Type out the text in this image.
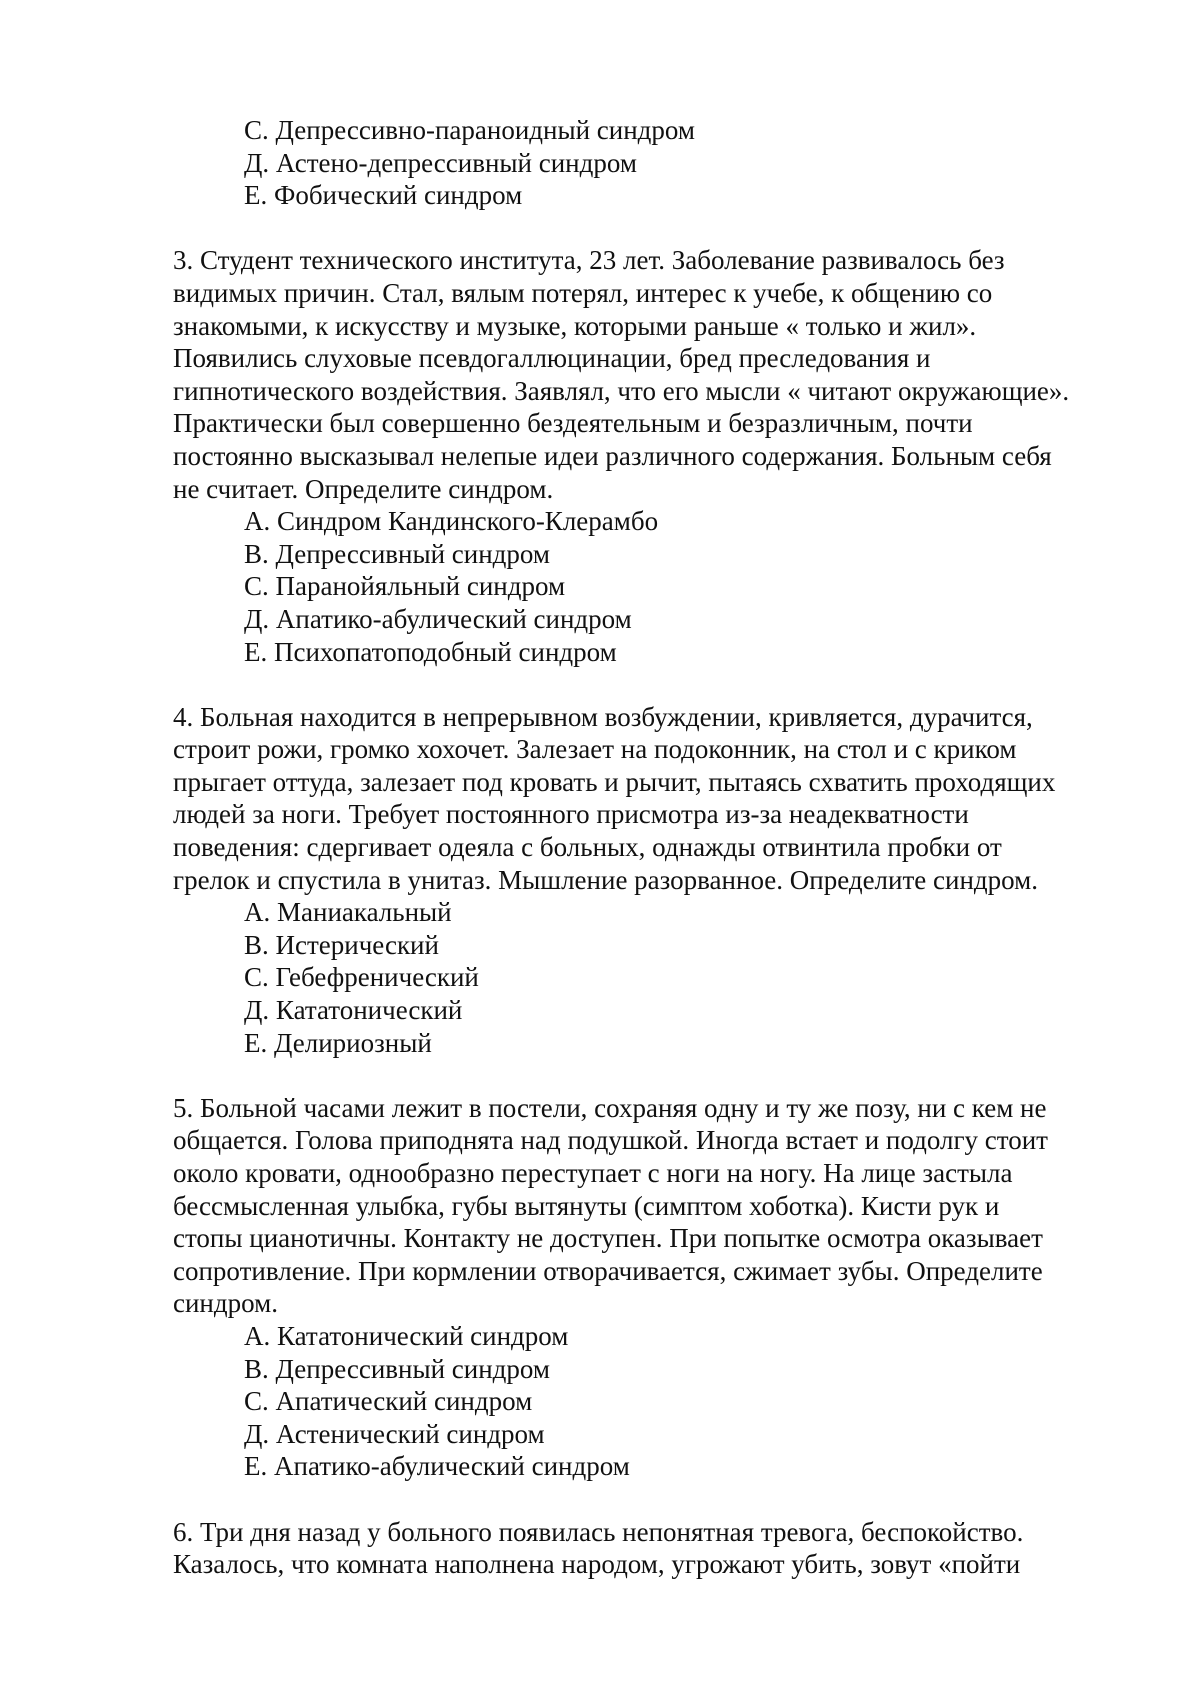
С. Депрессивно-параноидный синдром
Д. Астено-депрессивный синдром
Е. Фобический синдром

3. Студент технического института, 23 лет. Заболевание развивалось без
видимых причин. Стал, вялым потерял, интерес к учебе, к общению со
знакомыми, к искусству и музыке, которыми раньше « только и жил».
Появились слуховые псевдогаллюцинации, бред преследования и
гипнотического воздействия. Заявлял, что его мысли « читают окружающие».
Практически был совершенно бездеятельным и безразличным, почти
постоянно высказывал нелепые идеи различного содержания. Больным себя
не считает. Определите синдром.

А. Синдром Кандинского-Клерамбо
В. Депрессивный синдром
С. Паранойяльный синдром
Д. Апатико-абулический синдром
Е. Психопатоподобный синдром

4. Больная находится в непрерывном возбуждении, кривляется, дурачится,
строит рожи, громко хохочет. Залезает на подоконник, на стол и с криком
прыгает оттуда, залезает под кровать и рычит, пытаясь схватить проходящих
людей за ноги. Требует постоянного присмотра из-за неадекватности
поведения: сдергивает одеяла с больных, однажды отвинтила пробки от
грелок и спустила в унитаз. Мышление разорванное. Определите синдром.

А. Маниакальный
В. Истерический
С. Гебефренический
Д. Кататонический
Е. Делириозный

5. Больной часами лежит в постели, сохраняя одну и ту же позу, ни с кем не
общается. Голова приподнята над подушкой. Иногда встает и подолгу стоит
около кровати, однообразно переступает с ноги на ногу. На лице застыла
бессмысленная улыбка, губы вытянуты (симптом хоботка). Кисти рук и
стопы цианотичны. Контакту не доступен. При попытке осмотра оказывает
сопротивление. При кормлении отворачивается, сжимает зубы. Определите
синдром.

А. Кататонический синдром
В. Депрессивный синдром
С. Апатический синдром
Д. Астенический синдром
Е. Апатико-абулический синдром

6. Три дня назад у больного появилась непонятная тревога, беспокойство.
Казалось, что комната наполнена народом, угрожают убить, зовут «пойти
